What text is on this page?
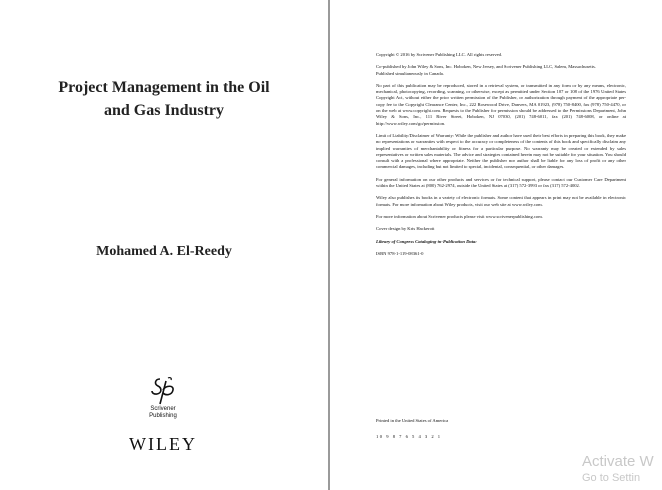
Project Management in the Oil
and Gas Industry
Mohamed A. El-Reedy
Scrivener
Publishing
WILEY

Copyright © 2016 by Scrivener Publishing LLC. All rights reserved.

Co-published by John Wiley & Sons, Inc. Hoboken, New Jersey, and Scrivener Publishing LLC, Salem, Massachusetts.

Published simultaneously in Canada.

No part of this publication may be reproduced, stored in a retrieval system, or transmitted in any form or by any means, electronic, mechanical, photocopying, recording, scanning, or otherwise, except as permitted under Section 107 or 108 of the 1976 United States Copyright Act, without either the prior written permission of the Publisher, or authorization through payment of the appropriate per-copy fee to the Copyright Clearance Center, Inc., 222 Rosewood Drive, Danvers, MA 01923, (978) 750-8400, fax (978) 750-4470, or on the web at www.copyright.com. Requests to the Publisher for permission should be addressed to the Permissions Department, John Wiley & Sons, Inc., 111 River Street, Hoboken, NJ 07030, (201) 748-6011, fax (201) 748-6008, or online at http://www.wiley.com/go/permission.

Limit of Liability/Disclaimer of Warranty: While the publisher and author have used their best efforts in preparing this book, they make no representations or warranties with respect to the accuracy or completeness of the contents of this book and specifically disclaim any implied warranties of merchantability or fitness for a particular purpose. No warranty may be created or extended by sales representatives or written sales materials. The advice and strategies contained herein may not be suitable for your situation. You should consult with a professional where appropriate. Neither the publisher nor author shall be liable for any loss of profit or any other commercial damages, including but not limited to special, incidental, consequential, or other damages.

For general information on our other products and services or for technical support, please contact our Customer Care Department within the United States at (800) 762-2974, outside the United States at (317) 572-3993 or fax (317) 572-4002.

Wiley also publishes its books in a variety of electronic formats. Some content that appears in print may not be available in electronic formats. For more information about Wiley products, visit our web site at www.wiley.com.

For more information about Scrivener products please visit www.scrivenerpublishing.com.

Cover design by Kris Hackerott

Library of Congress Cataloging-in-Publication Data:

ISBN 978-1-119-08361-0

Printed in the United States of America
10 9 8 7 6 5 4 3 2 1
Activate W
Go to Settin
